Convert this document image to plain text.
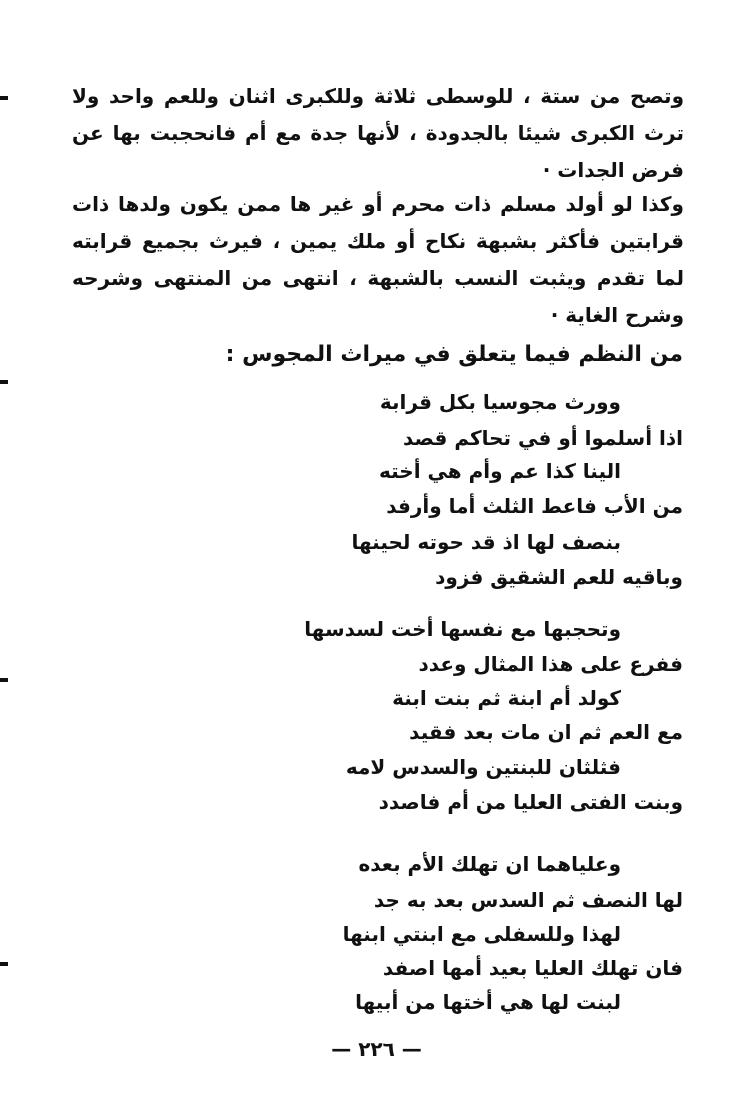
وتصح من ستة ، للوسطى ثلاثة وللكبرى اثنان وللعم واحد ولا ترث الكبرى شيئا بالجدودة ، لأنها جدة مع أم فانحجبت بها عن فرض الجدات ·
وكذا لو أولد مسلم ذات محرم أو غير ها ممن يكون ولدها ذات قرابتين فأكثر بشبهة نكاح أو ملك يمين ، فيرث بجميع قرابته لما تقدم ويثبت النسب بالشبهة ، انتهى من المنتهى وشرحه وشرح الغاية ·
من النظم فيما يتعلق في ميراث المجوس :
وورث مجوسيا بكل قرابة
اذا أسلموا أو في تحاكم قصد
الينا كذا عم وأم هي أخته
من الأب فاعط الثلث أما وأرفد
بنصف لها اذ قد حوته لحينها
وباقيه للعم الشقيق فزود
وتحجبها مع نفسها أخت لسدسها
ففرع على هذا المثال وعدد
كولد أم ابنة ثم بنت ابنة
مع العم ثم ان مات بعد فقيد
فثلثان للبنتين والسدس لامه
وبنت الفتى العليا من أم فاصدد
وعلياهما ان تهلك الأم بعده
لها النصف ثم السدس بعد به جد
لهذا وللسفلى مع ابنتي ابنها
فان تهلك العليا بعيد أمها اصفد
لبنت لها هي أختها من أبيها
— ٢٢٦ —
